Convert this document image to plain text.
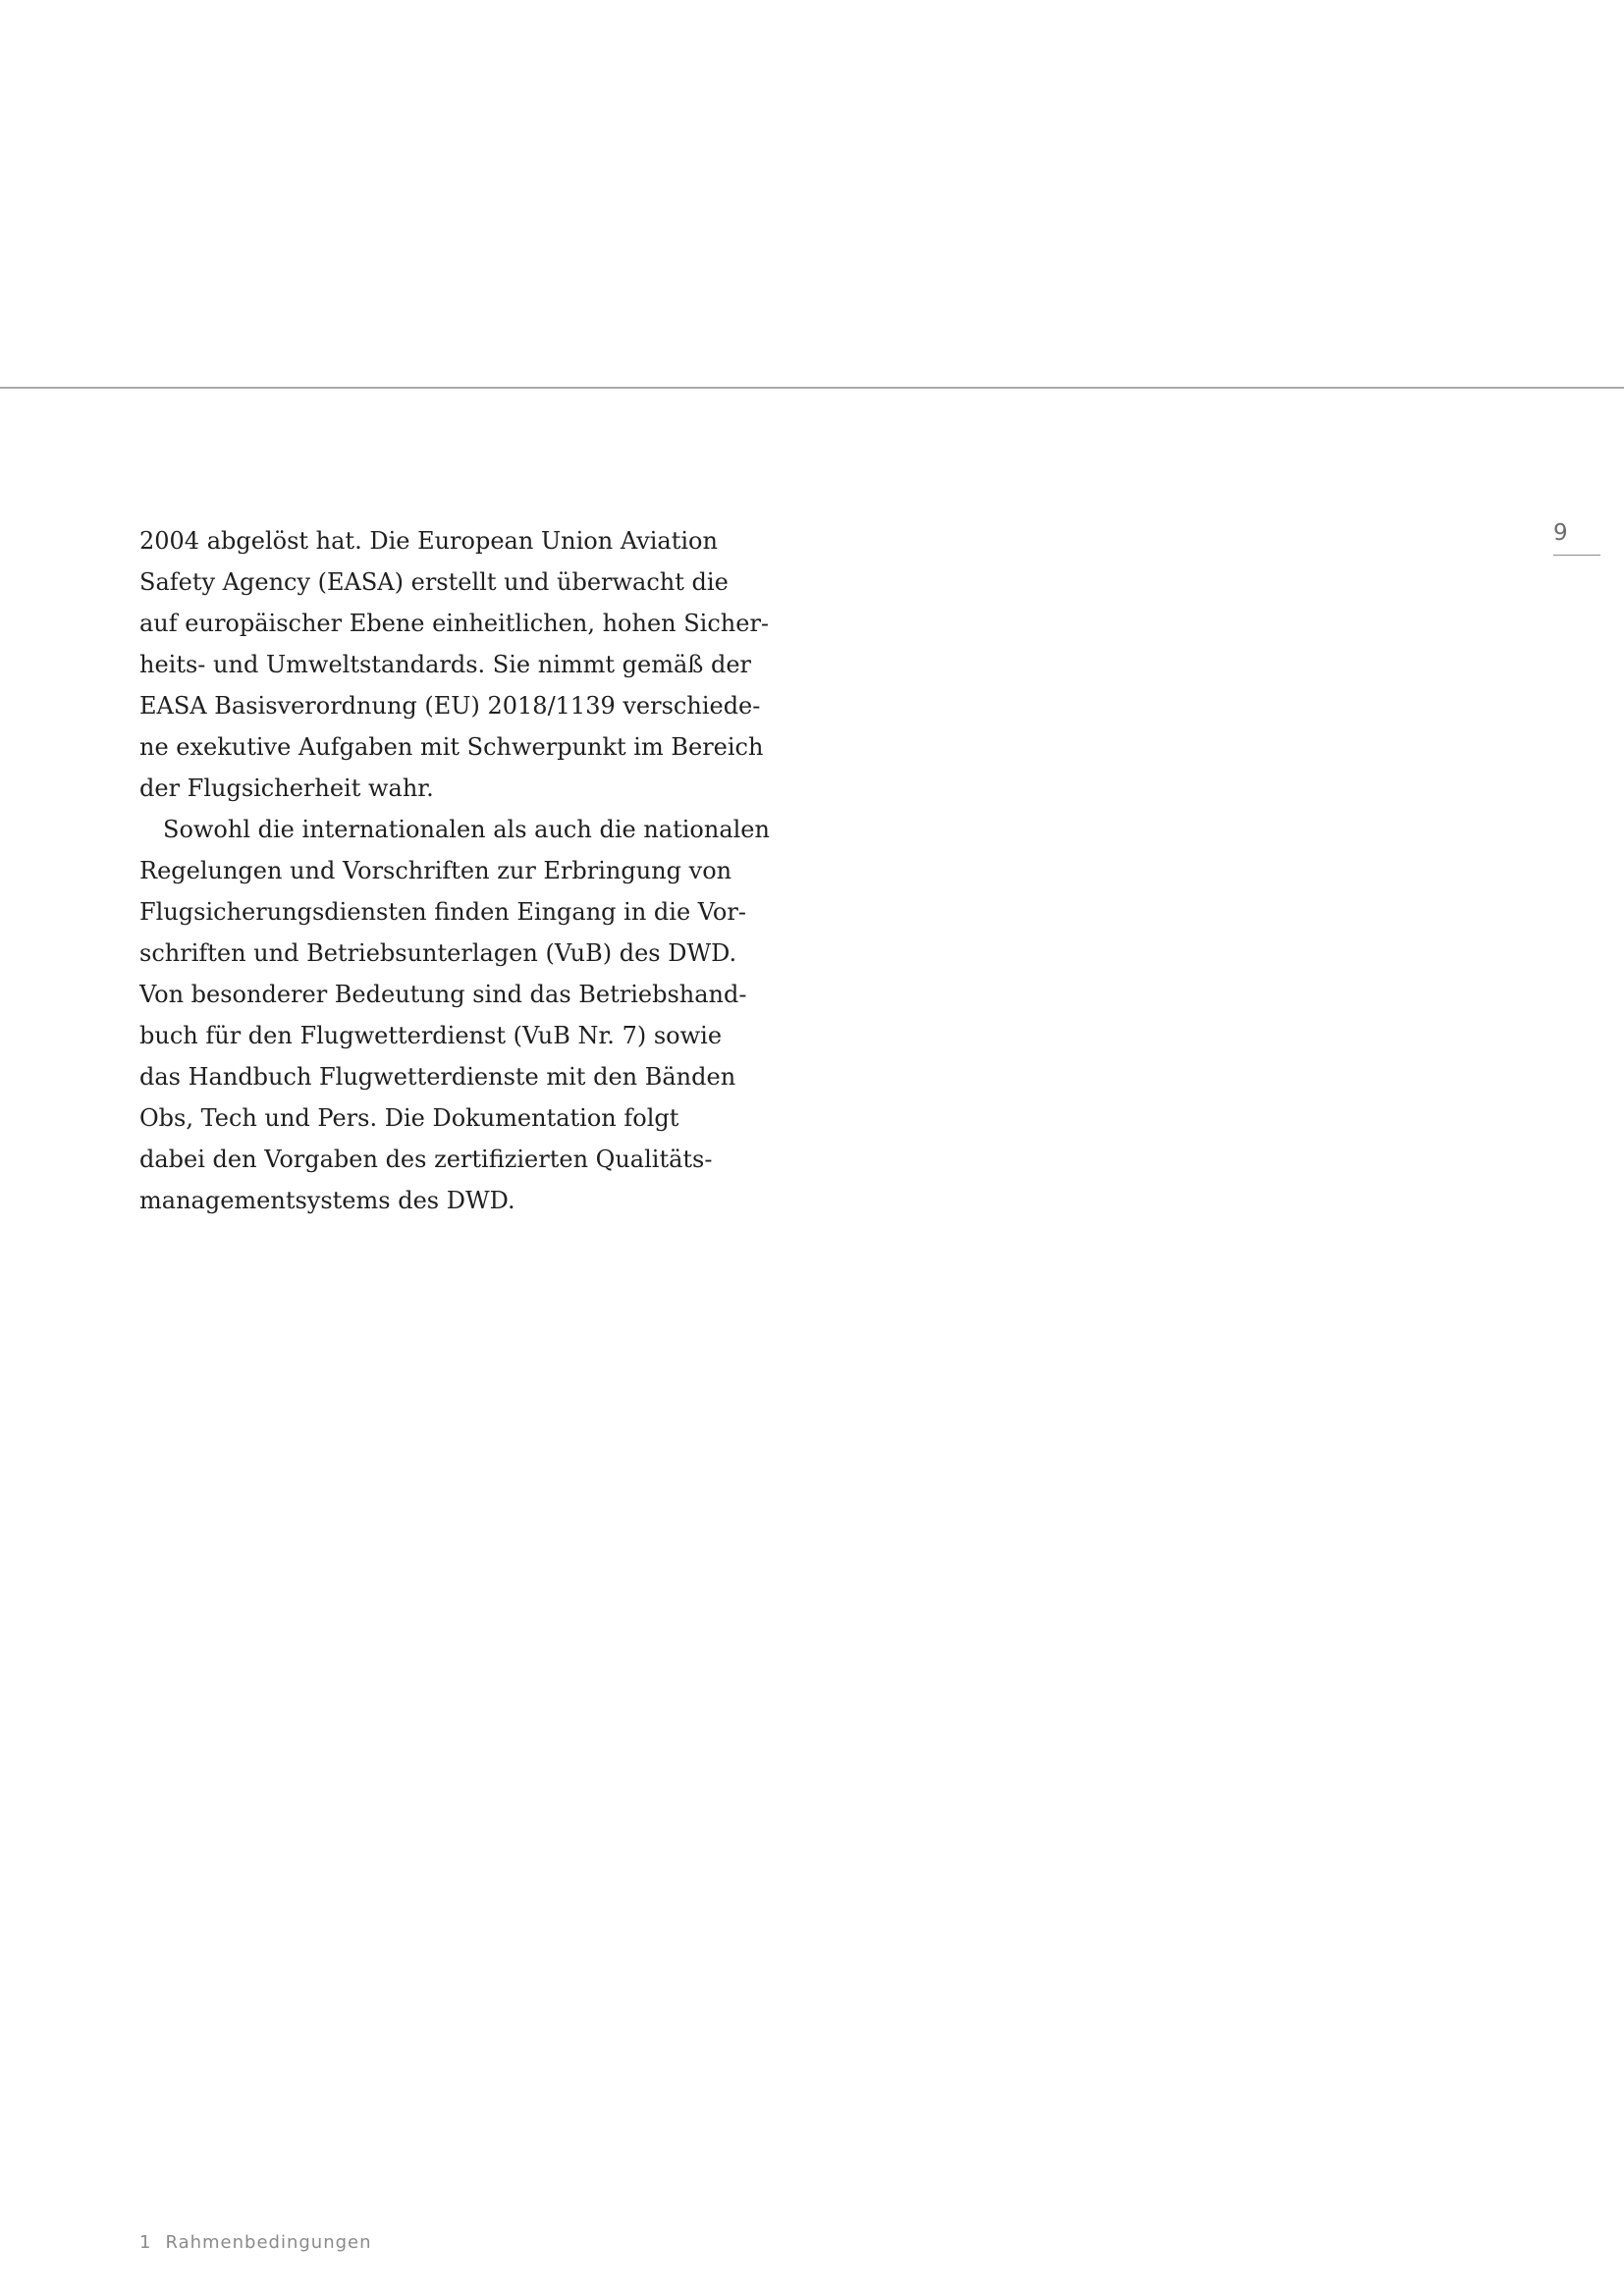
9
2004 abgelöst hat. Die European Union Aviation
Safety Agency (EASA) erstellt und überwacht die
auf europäischer Ebene einheitlichen, hohen Sicher-
heits- und Umweltstandards. Sie nimmt gemäß der
EASA Basisverordnung (EU) 2018/1139 verschiede-
ne exekutive Aufgaben mit Schwerpunkt im Bereich
der Flugsicherheit wahr.
Sowohl die internationalen als auch die nationalen
Regelungen und Vorschriften zur Erbringung von
Flugsicherungsdiensten finden Eingang in die Vor-
schriften und Betriebsunterlagen (VuB) des DWD.
Von besonderer Bedeutung sind das Betriebshand-
buch für den Flugwetterdienst (VuB Nr. 7) sowie
das Handbuch Flugwetterdienste mit den Bänden
Obs, Tech und Pers. Die Dokumentation folgt
dabei den Vorgaben des zertifizierten Qualitäts-
managementsystems des DWD.
1 Rahmenbedingungen
